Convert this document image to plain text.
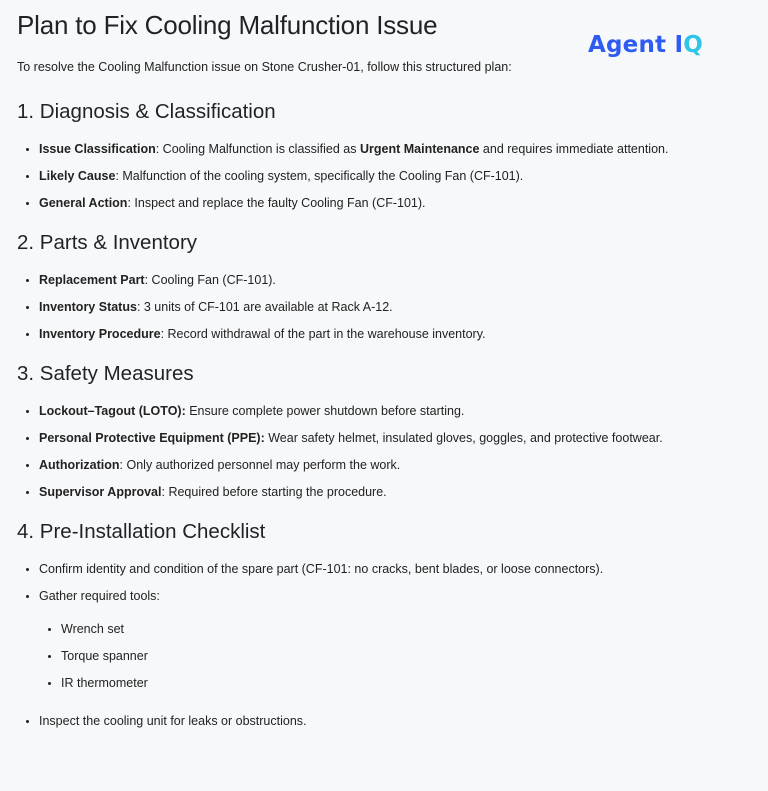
Plan to Fix Cooling Malfunction Issue
Agent IQ

To resolve the Cooling Malfunction issue on Stone Crusher-01, follow this structured plan:

1. Diagnosis & Classification
• Issue Classification: Cooling Malfunction is classified as Urgent Maintenance and requires immediate attention.
• Likely Cause: Malfunction of the cooling system, specifically the Cooling Fan (CF-101).
• General Action: Inspect and replace the faulty Cooling Fan (CF-101).
2. Parts & Inventory
• Replacement Part: Cooling Fan (CF-101).
• Inventory Status: 3 units of CF-101 are available at Rack A-12.
• Inventory Procedure: Record withdrawal of the part in the warehouse inventory.
3. Safety Measures
• Lockout–Tagout (LOTO): Ensure complete power shutdown before starting.
• Personal Protective Equipment (PPE): Wear safety helmet, insulated gloves, goggles, and protective footwear.
• Authorization: Only authorized personnel may perform the work.
• Supervisor Approval: Required before starting the procedure.
4. Pre-Installation Checklist
• Confirm identity and condition of the spare part (CF-101: no cracks, bent blades, or loose connectors).
• Gather required tools:
• Wrench set
• Torque spanner
• IR thermometer
• Inspect the cooling unit for leaks or obstructions.
